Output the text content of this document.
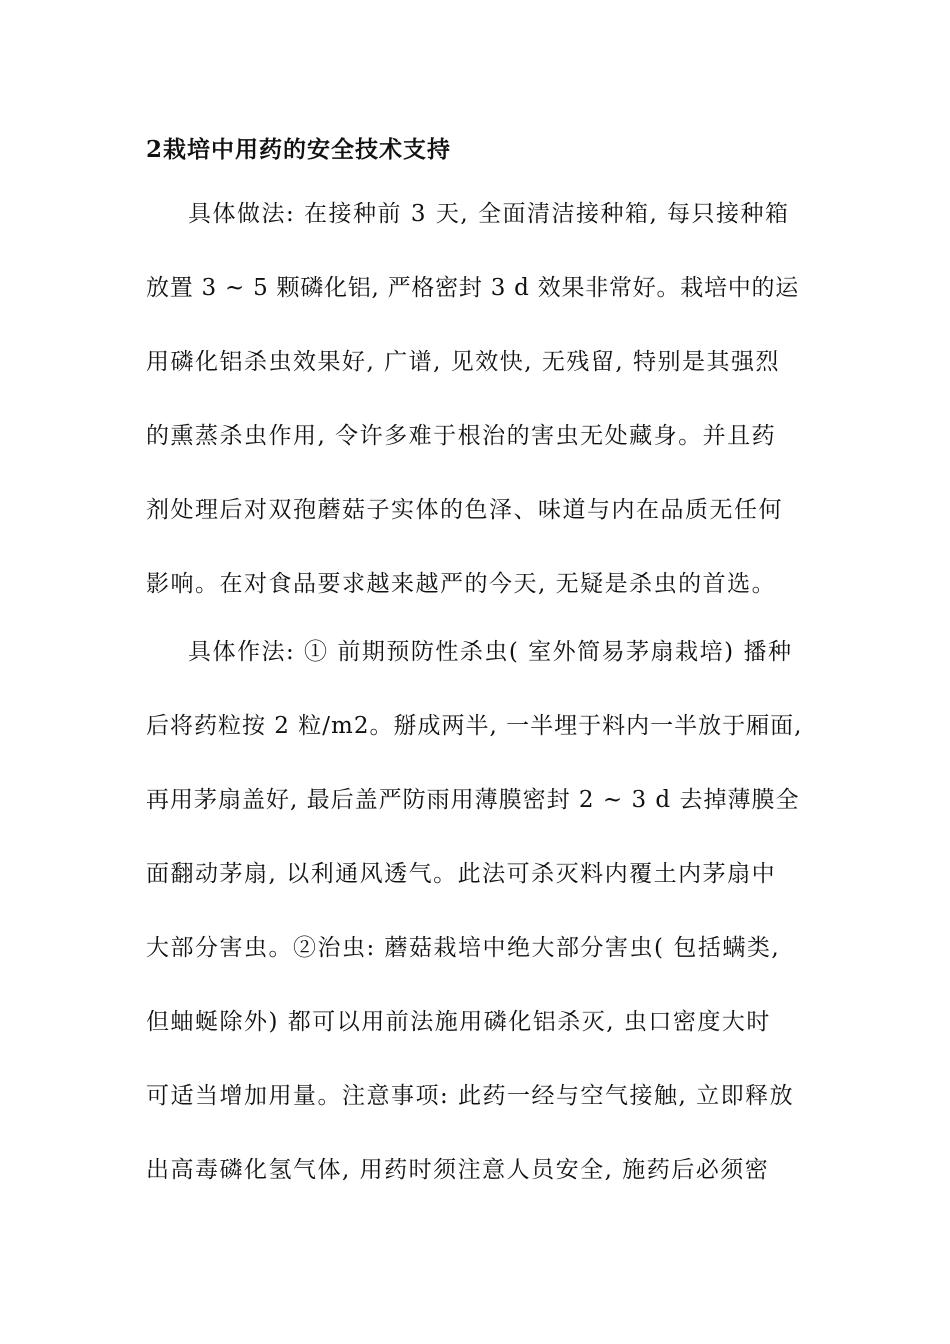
2栽培中用药的安全技术支持
具体做法: 在接种前 3 天, 全面清洁接种箱, 每只接种箱
放置 3 ~ 5 颗磷化铝, 严格密封 3 d 效果非常好。栽培中的运
用磷化铝杀虫效果好, 广谱, 见效快, 无残留, 特别是其强烈
的熏蒸杀虫作用, 令许多难于根治的害虫无处藏身。并且药
剂处理后对双孢蘑菇子实体的色泽、味道与内在品质无任何
影响。在对食品要求越来越严的今天, 无疑是杀虫的首选。
具体作法: ① 前期预防性杀虫( 室外简易茅扇栽培) 播种
后将药粒按 2 粒/m2。掰成两半, 一半埋于料内一半放于厢面,
再用茅扇盖好, 最后盖严防雨用薄膜密封 2 ~ 3 d 去掉薄膜全
面翻动茅扇, 以利通风透气。此法可杀灭料内覆土内茅扇中
大部分害虫。②治虫: 蘑菇栽培中绝大部分害虫( 包括螨类,
但蚰蜒除外) 都可以用前法施用磷化铝杀灭, 虫口密度大时
可适当增加用量。注意事项: 此药一经与空气接触, 立即释放
出高毒磷化氢气体, 用药时须注意人员安全, 施药后必须密
